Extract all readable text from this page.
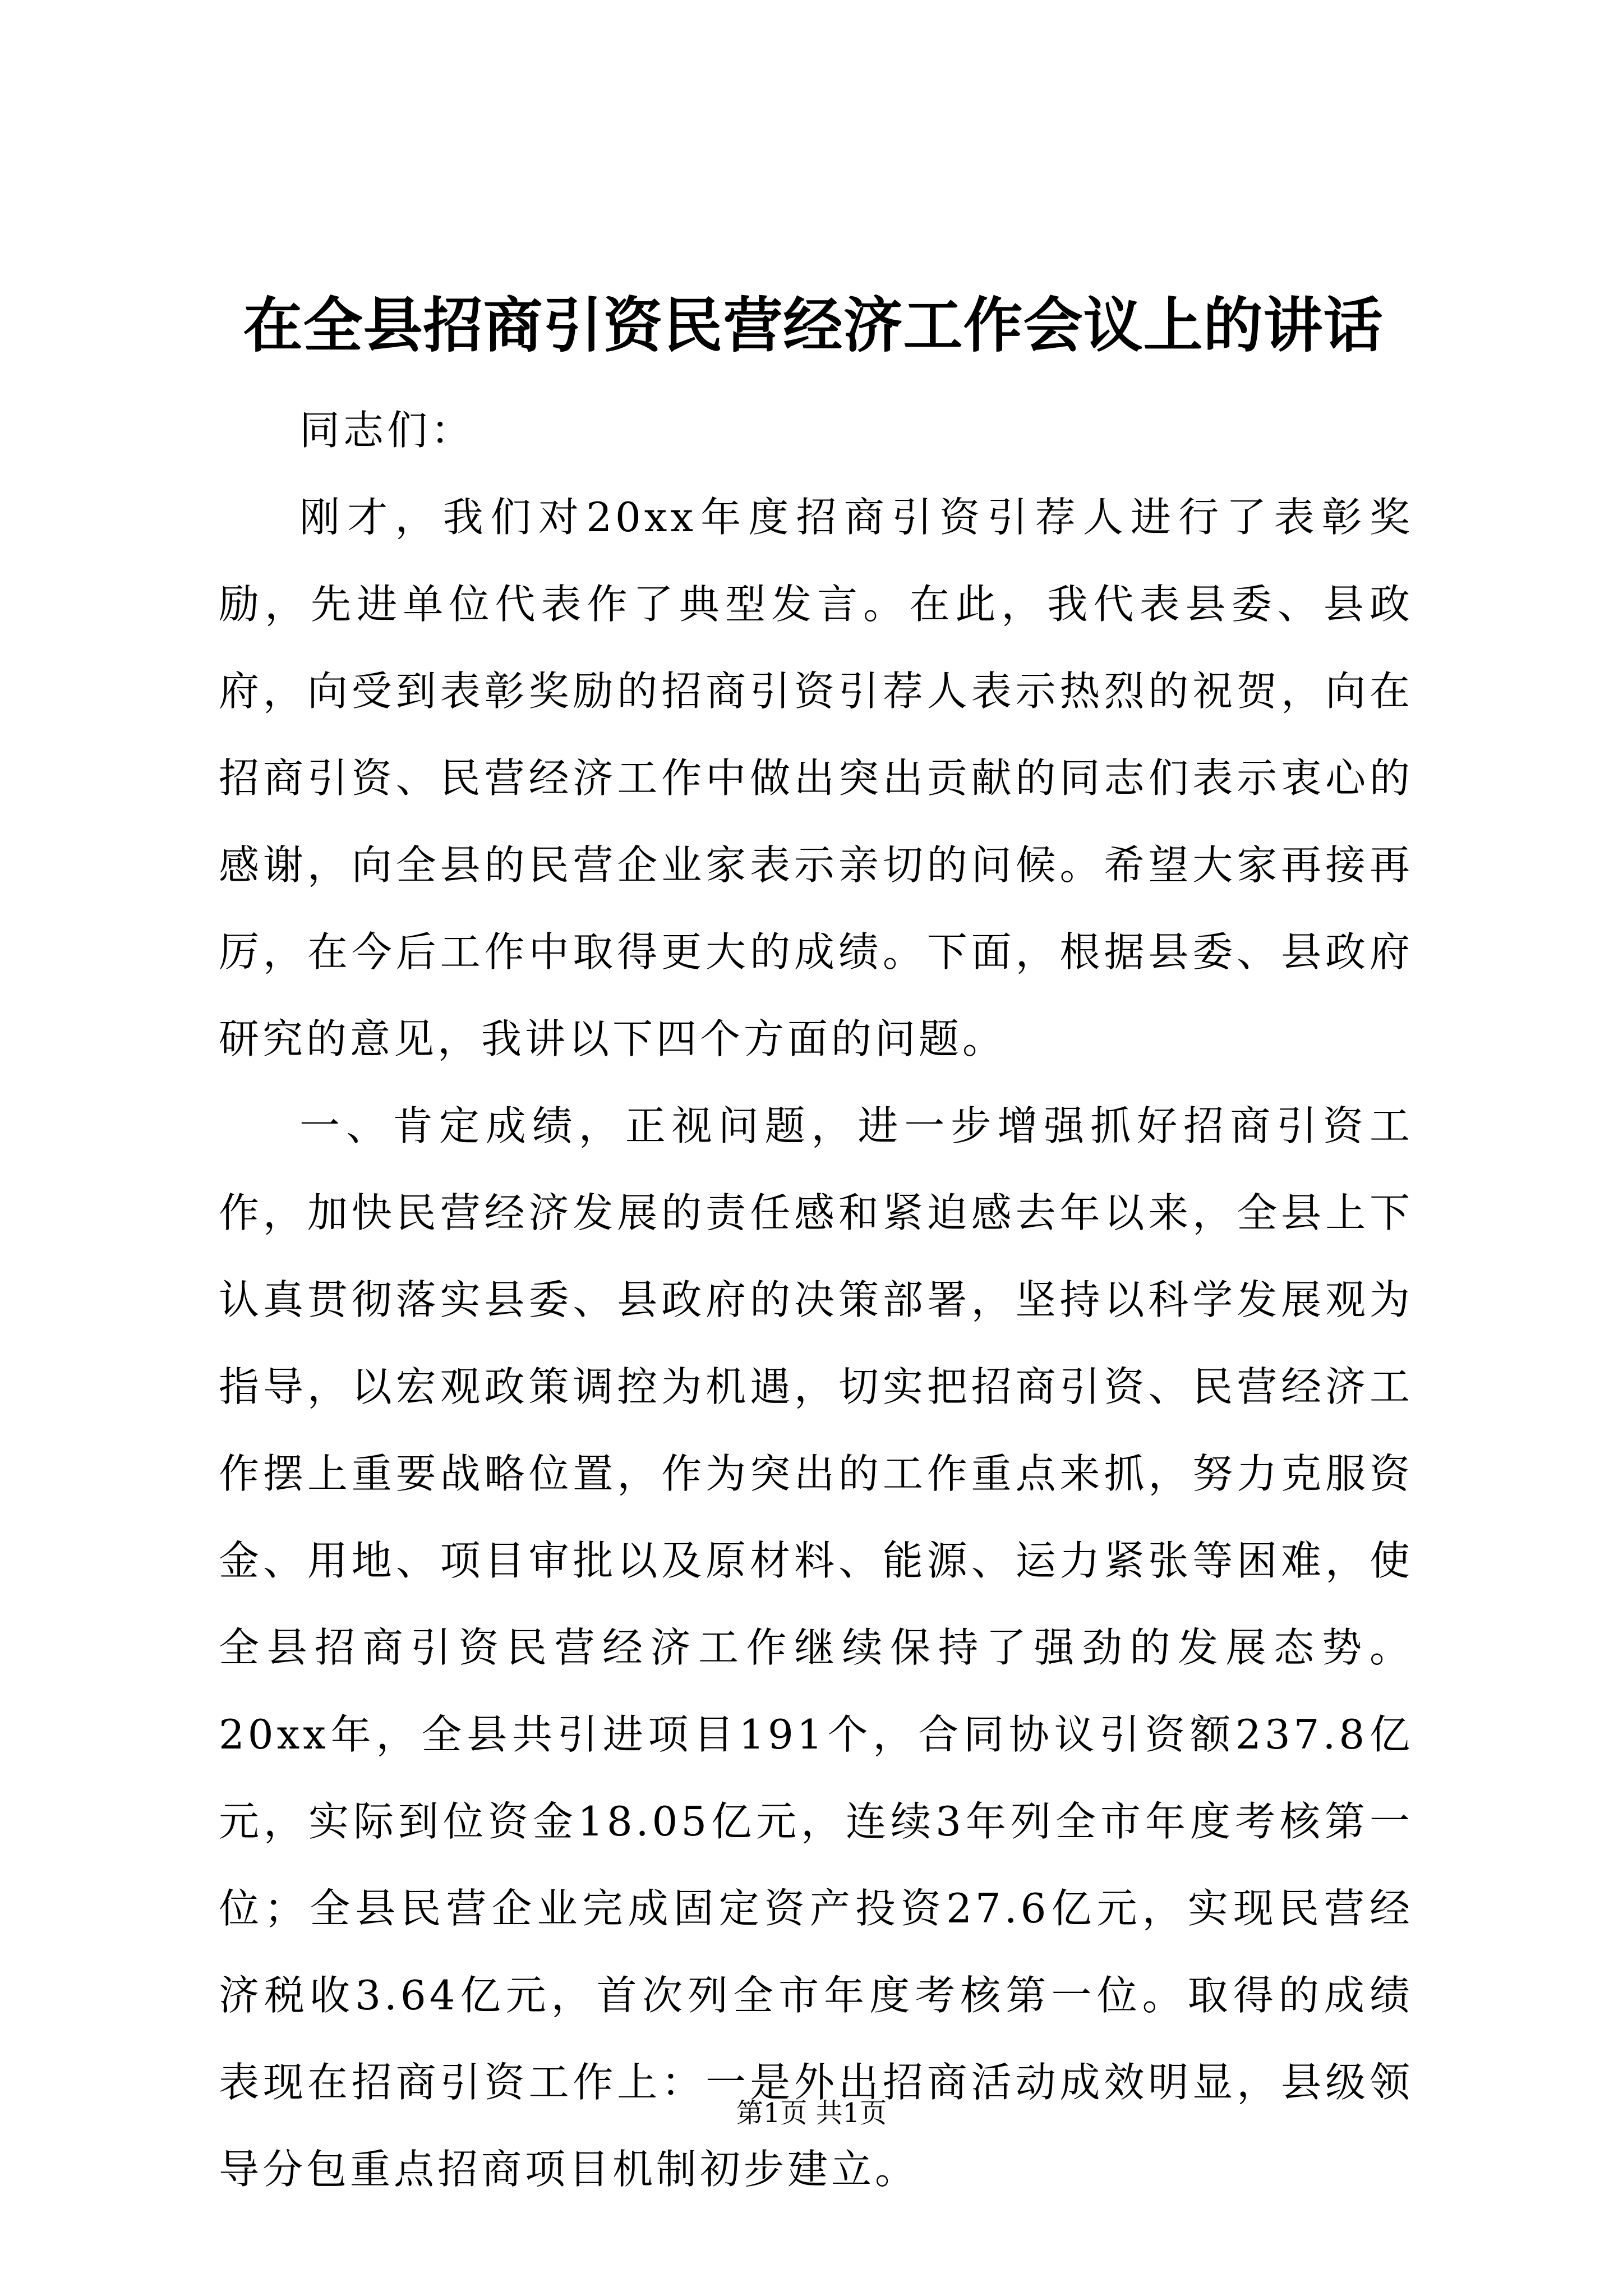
在全县招商引资民营经济工作会议上的讲话

同志们：

刚才，我们对20xx年度招商引资引荐人进行了表彰奖励，先进单位代表作了典型发言。在此，我代表县委、县政府，向受到表彰奖励的招商引资引荐人表示热烈的祝贺，向在招商引资、民营经济工作中做出突出贡献的同志们表示衷心的感谢，向全县的民营企业家表示亲切的问候。希望大家再接再厉，在今后工作中取得更大的成绩。下面，根据县委、县政府研究的意见，我讲以下四个方面的问题。

一、肯定成绩，正视问题，进一步增强抓好招商引资工作，加快民营经济发展的责任感和紧迫感去年以来，全县上下认真贯彻落实县委、县政府的决策部署，坚持以科学发展观为指导，以宏观政策调控为机遇，切实把招商引资、民营经济工作摆上重要战略位置，作为突出的工作重点来抓，努力克服资金、用地、项目审批以及原材料、能源、运力紧张等困难，使全县招商引资民营经济工作继续保持了强劲的发展态势。20xx年，全县共引进项目191个，合同协议引资额237.8亿元，实际到位资金18.05亿元，连续3年列全市年度考核第一位；全县民营企业完成固定资产投资27.6亿元，实现民营经济税收3.64亿元，首次列全市年度考核第一位。取得的成绩表现在招商引资工作上：一是外出招商活动成效明显，县级领导分包重点招商项目机制初步建立。

第1页 共1页
